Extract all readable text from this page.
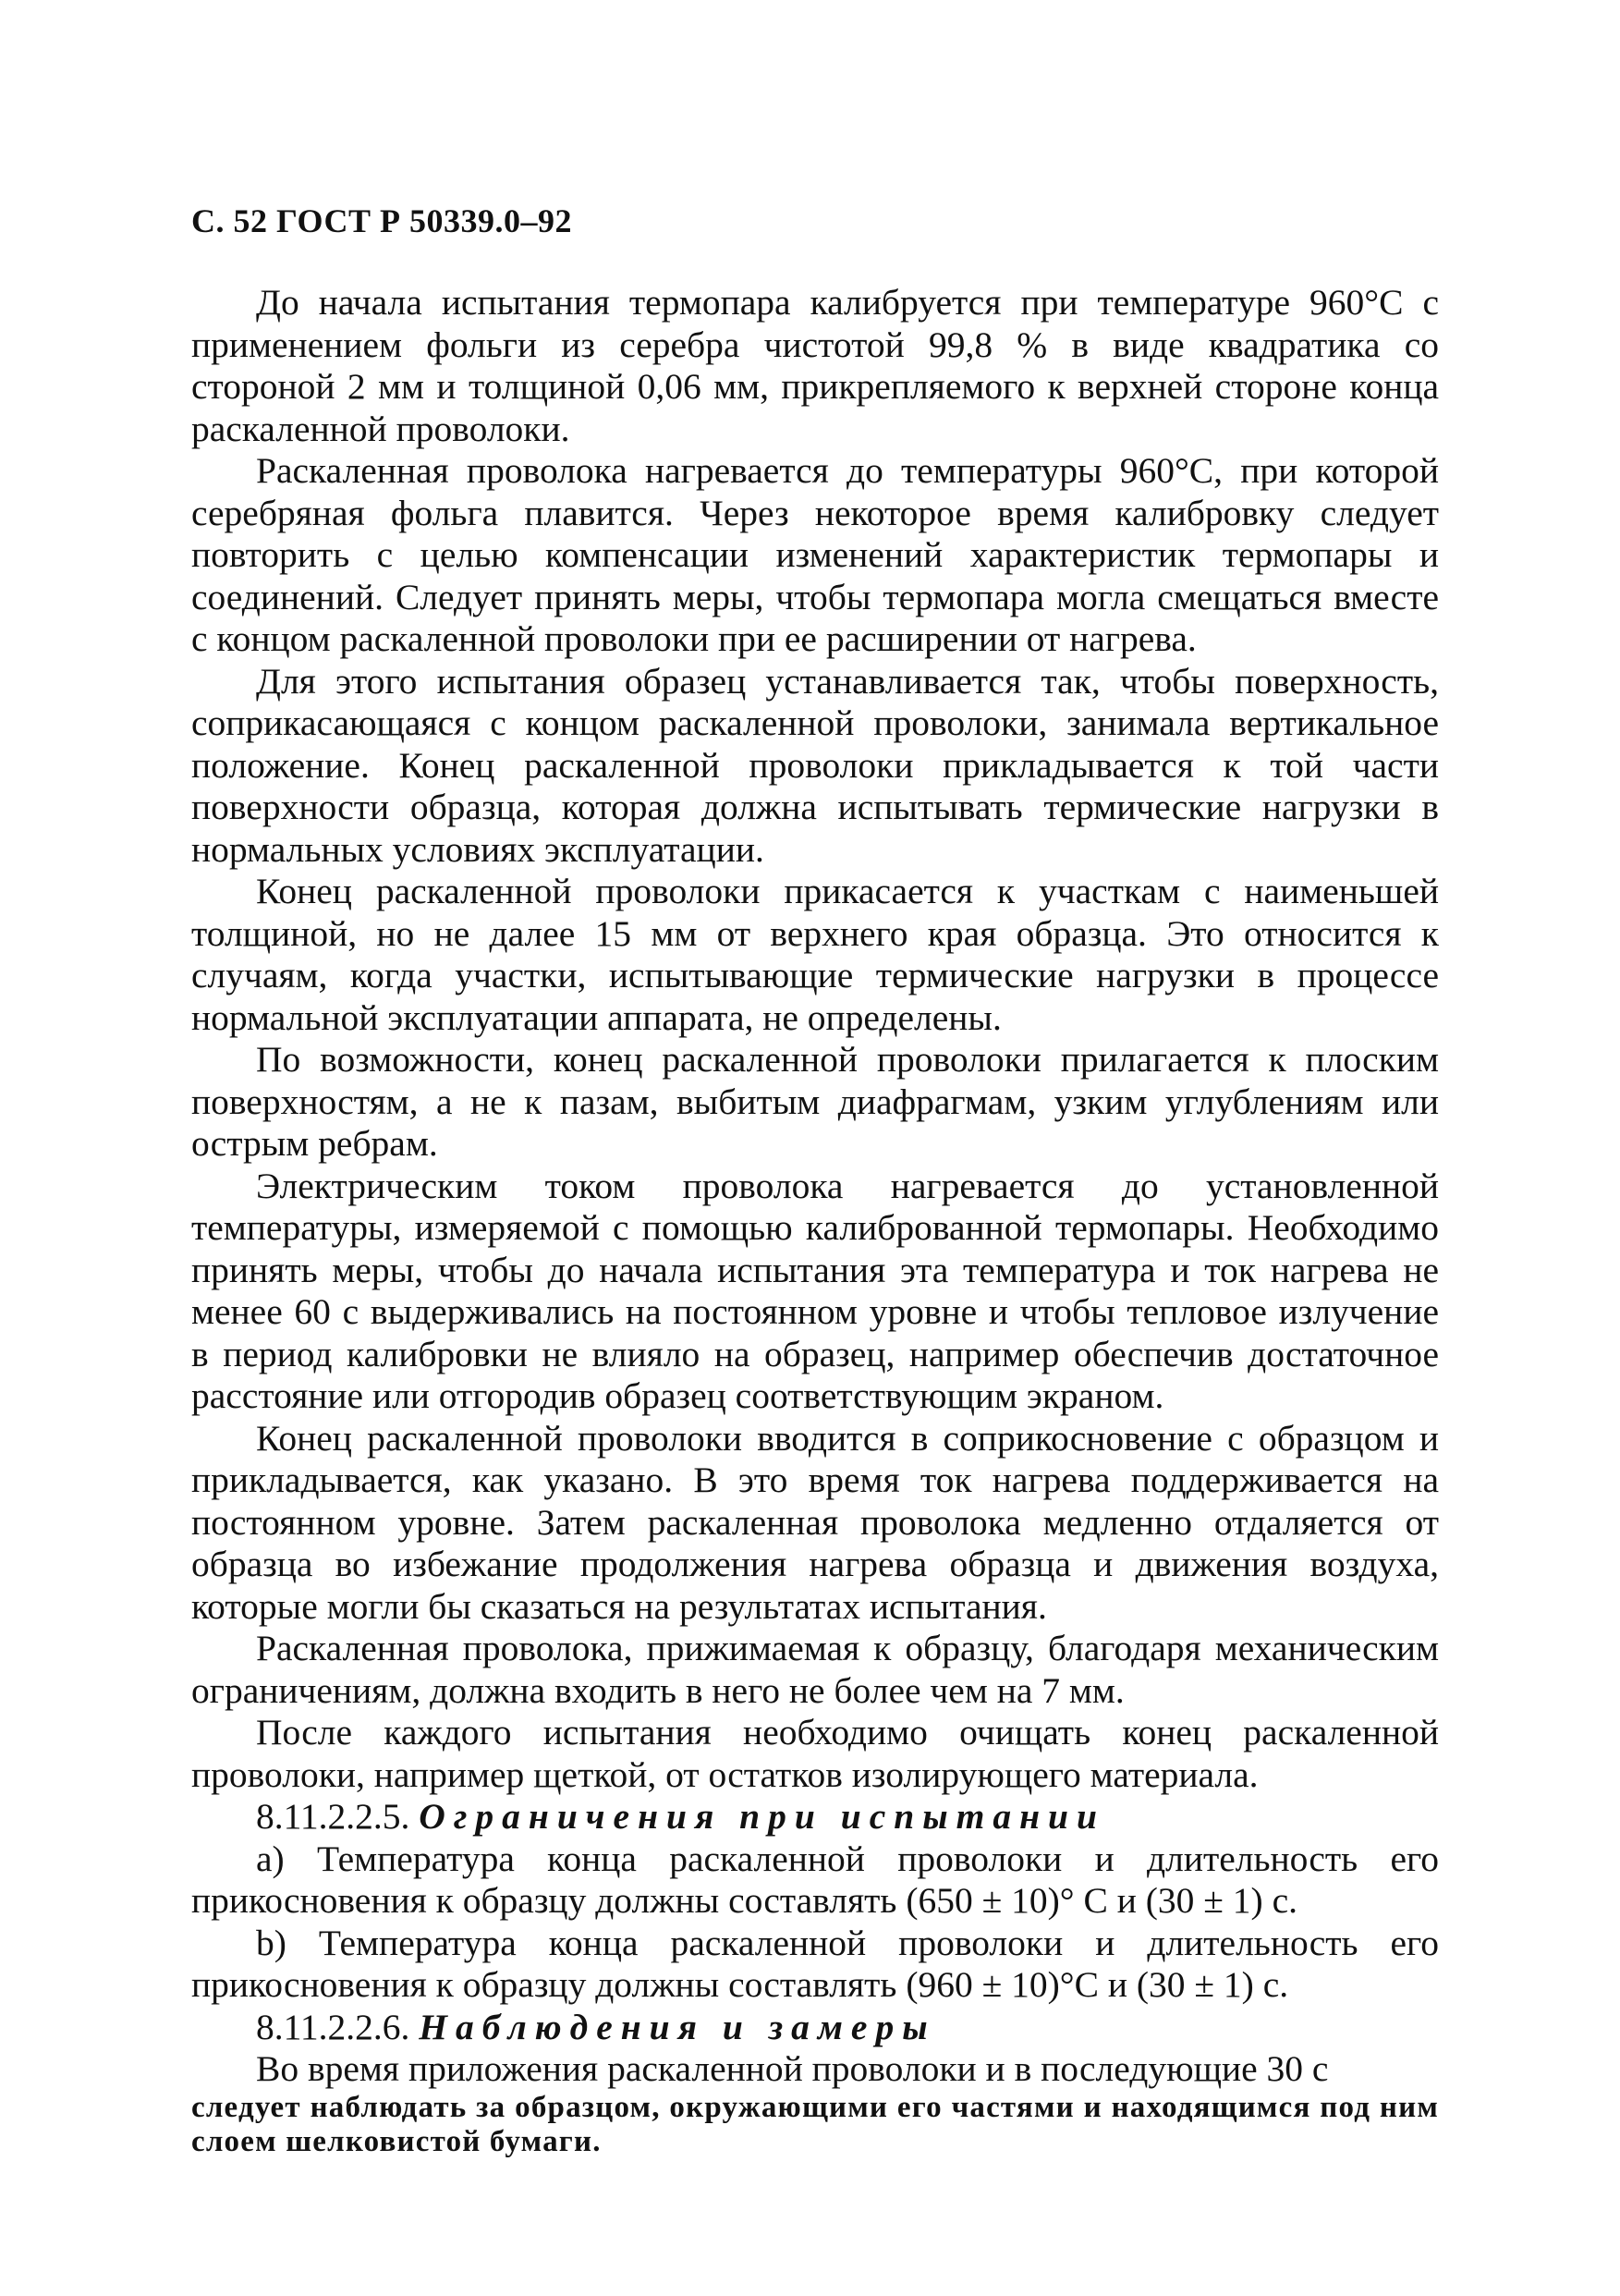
С. 52 ГОСТ Р 50339.0–92

До начала испытания термопара калибруется при температуре 960°С с применением фольги из серебра чистотой 99,8 % в виде квадратика со стороной 2 мм и толщиной 0,06 мм, прикрепляемого к верхней стороне конца раскаленной проволоки.

Раскаленная проволока нагревается до температуры 960°С, при которой серебряная фольга плавится. Через некоторое время калибровку следует повторить с целью компенсации изменений характеристик термопары и соединений. Следует принять меры, чтобы термопара могла смещаться вместе с концом раскаленной проволоки при ее расширении от нагрева.

Для этого испытания образец устанавливается так, чтобы поверхность, соприкасающаяся с концом раскаленной проволоки, занимала вертикальное положение. Конец раскаленной проволоки прикладывается к той части поверхности образца, которая должна испытывать термические нагрузки в нормальных условиях эксплуатации.

Конец раскаленной проволоки прикасается к участкам с наименьшей толщиной, но не далее 15 мм от верхнего края образца. Это относится к случаям, когда участки, испытывающие термические нагрузки в процессе нормальной эксплуатации аппарата, не определены.

По возможности, конец раскаленной проволоки прилагается к плоским поверхностям, а не к пазам, выбитым диафрагмам, узким углублениям или острым ребрам.

Электрическим током проволока нагревается до установленной температуры, измеряемой с помощью калиброванной термопары. Необходимо принять меры, чтобы до начала испытания эта температура и ток нагрева не менее 60 с выдерживались на постоянном уровне и чтобы тепловое излучение в период калибровки не влияло на образец, например обеспечив достаточное расстояние или отгородив образец соответствующим экраном.

Конец раскаленной проволоки вводится в соприкосновение с образцом и прикладывается, как указано. В это время ток нагрева поддерживается на постоянном уровне. Затем раскаленная проволока медленно отдаляется от образца во избежание продолжения нагрева образца и движения воздуха, которые могли бы сказаться на результатах испытания.

Раскаленная проволока, прижимаемая к образцу, благодаря механическим ограничениям, должна входить в него не более чем на 7 мм.

После каждого испытания необходимо очищать конец раскаленной проволоки, например щеткой, от остатков изолирующего материала.

8.11.2.2.5. Ограничения при испытании

а) Температура конца раскаленной проволоки и длительность его прикосновения к образцу должны составлять (650 ± 10)° С и (30 ± 1) с.

b) Температура конца раскаленной проволоки и длительность его прикосновения к образцу должны составлять (960 ± 10)°С и (30 ± 1) с.

8.11.2.2.6. Наблюдения и замеры

Во время приложения раскаленной проволоки и в последующие 30 с

следует наблюдать за образцом, окружающими его частями и находящимся под ним слоем шелковистой бумаги.
